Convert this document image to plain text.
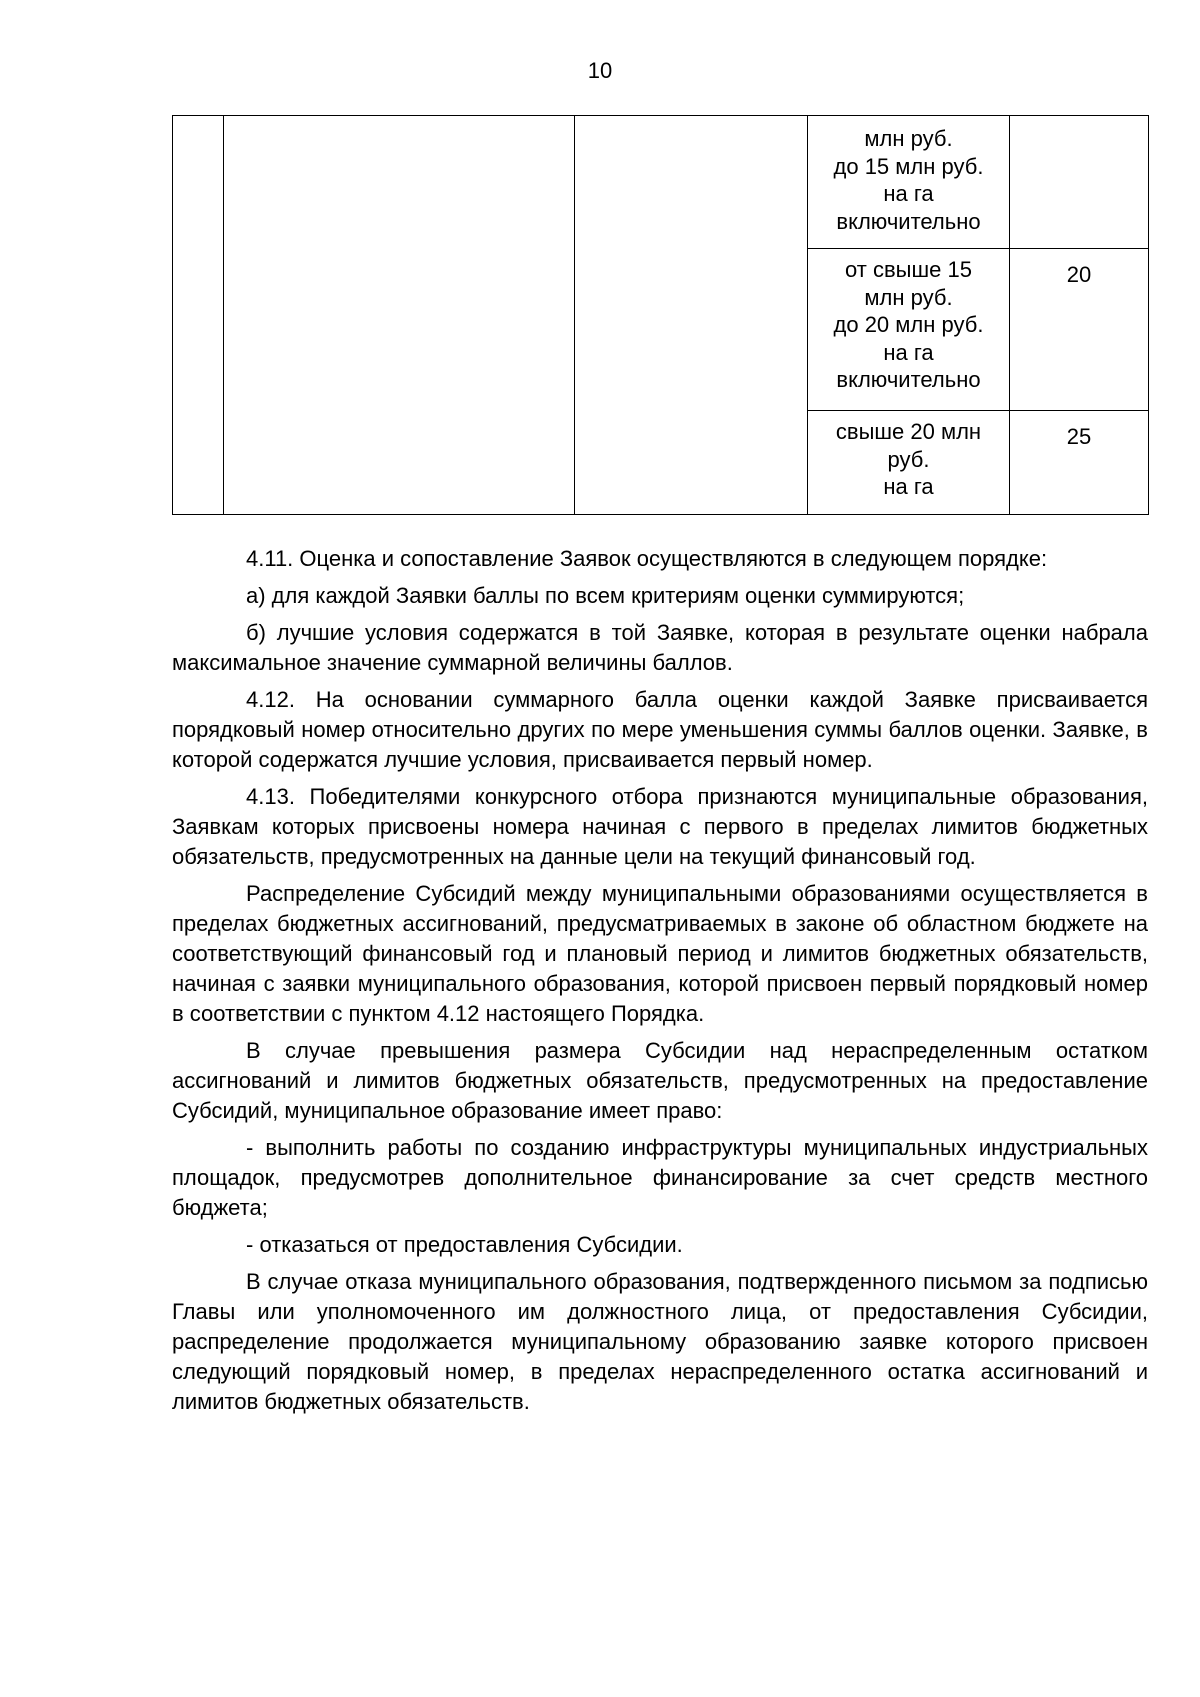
10

			млн руб.
до 15 млн руб.
на га
включительно	

			от свыше 15
млн руб.
до 20 млн руб.
на га
включительно	20

			свыше 20 млн
руб.
на га	25

4.11. Оценка и сопоставление Заявок осуществляются в следующем порядке:

а) для каждой Заявки баллы по всем критериям оценки суммируются;

б) лучшие условия содержатся в той Заявке, которая в результате оценки набрала максимальное значение суммарной величины баллов.

4.12. На основании суммарного балла оценки каждой Заявке присваивается порядковый номер относительно других по мере уменьшения суммы баллов оценки. Заявке, в которой содержатся лучшие условия, присваивается первый номер.

4.13. Победителями конкурсного отбора признаются муниципальные образования, Заявкам которых присвоены номера начиная с первого в пределах лимитов бюджетных обязательств, предусмотренных на данные цели на текущий финансовый год.

Распределение Субсидий между муниципальными образованиями осуществляется в пределах бюджетных ассигнований, предусматриваемых в законе об областном бюджете на соответствующий финансовый год и плановый период и лимитов бюджетных обязательств, начиная с заявки муниципального образования, которой присвоен первый порядковый номер в соответствии с пунктом 4.12 настоящего Порядка.

В случае превышения размера Субсидии над нераспределенным остатком ассигнований и лимитов бюджетных обязательств, предусмотренных на предоставление Субсидий, муниципальное образование имеет право:

- выполнить работы по созданию инфраструктуры муниципальных индустриальных площадок, предусмотрев дополнительное финансирование за счет средств местного бюджета;

- отказаться от предоставления Субсидии.

В случае отказа муниципального образования, подтвержденного письмом за подписью Главы или уполномоченного им должностного лица, от предоставления Субсидии, распределение продолжается муниципальному образованию заявке которого присвоен следующий порядковый номер, в пределах нераспределенного остатка ассигнований и лимитов бюджетных обязательств.
